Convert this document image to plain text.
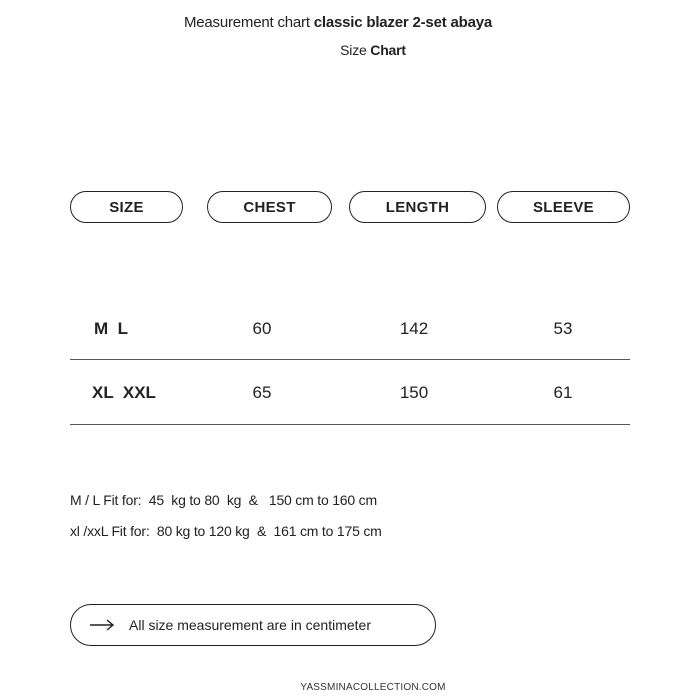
Measurement chart classic blazer 2-set abaya
Size Chart
SIZE	CHEST	LENGTH	SLEEVE
M  L	60	142	53
XL  XXL	65	150	61
M / L Fit for:  45  kg to 80  kg  &   150 cm to 160 cm
xl /xxL Fit for:  80 kg to 120 kg  &  161 cm to 175 cm
All size measurement are in centimeter
YASSMINACOLLECTION.COM
